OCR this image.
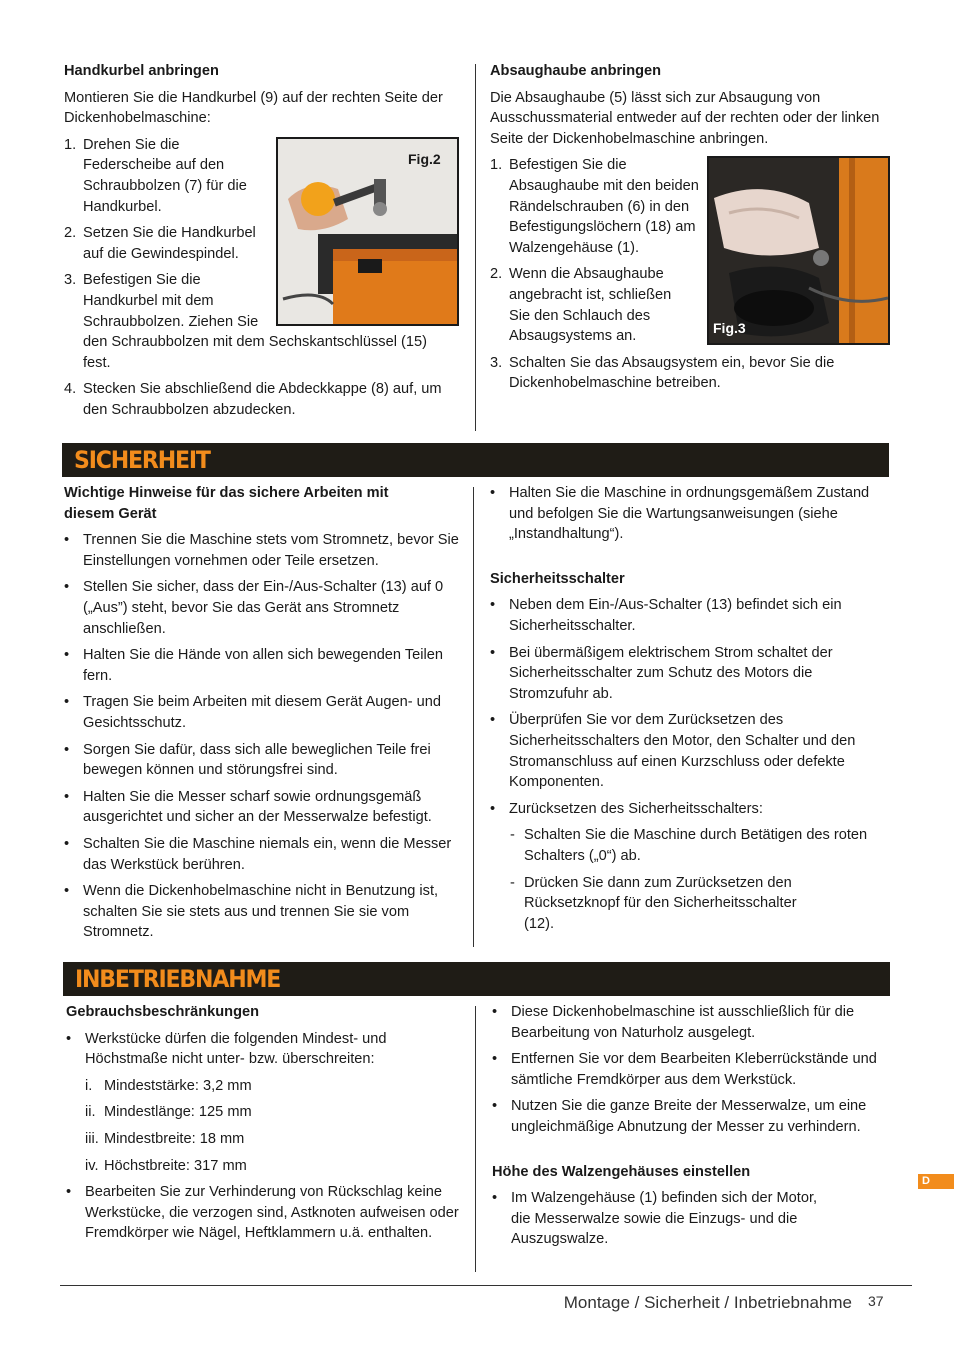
Handkurbel anbringen

Montieren Sie die Handkurbel (9) auf der rechten Seite der Dickenhobelmaschine:

1. Drehen Sie die Federscheibe auf den Schraubbolzen (7) für die Handkurbel.
2. Setzen Sie die Handkurbel auf die Gewindespindel.
3. Befestigen Sie die Handkurbel mit dem Schraubbolzen. Ziehen Sie
den Schraubbolzen mit dem Sechskantschlüssel (15) fest.
4. Stecken Sie abschließend die Abdeckkappe (8) auf, um den Schraubbolzen abzudecken.
Fig.2
Absaughaube anbringen

Die Absaughaube (5) lässt sich zur Absaugung von Ausschussmaterial entweder auf der rechten oder der linken Seite der Dickenhobelmaschine anbringen.

1. Befestigen Sie die Absaughaube mit den beiden Rändelschrauben (6) in den Befestigungslöchern (18) am Walzengehäuse (1).
2. Wenn die Absaughaube angebracht ist, schließen Sie den Schlauch des Absaugsystems an.
3. Schalten Sie das Absaugsystem ein, bevor Sie die Dickenhobelmaschine betreiben.
Fig.3
SICHERHEIT
Wichtige Hinweise für das sichere Arbeiten mit diesem Gerät
• Trennen Sie die Maschine stets vom Stromnetz, bevor Sie Einstellungen vornehmen oder Teile ersetzen.
• Stellen Sie sicher, dass der Ein-/Aus-Schalter (13) auf 0 („Aus”) steht, bevor Sie das Gerät ans Stromnetz anschließen.
• Halten Sie die Hände von allen sich bewegenden Teilen fern.
• Tragen Sie beim Arbeiten mit diesem Gerät Augen- und Gesichtsschutz.
• Sorgen Sie dafür, dass sich alle beweglichen Teile frei bewegen können und störungsfrei sind.
• Halten Sie die Messer scharf sowie ordnungsgemäß ausgerichtet und sicher an der Messerwalze befestigt.
• Schalten Sie die Maschine niemals ein, wenn die Messer das Werkstück berühren.
• Wenn die Dickenhobelmaschine nicht in Benutzung ist, schalten Sie sie stets aus und trennen Sie sie vom Stromnetz.
• Halten Sie die Maschine in ordnungsgemäßem Zustand und befolgen Sie die Wartungsanweisungen (siehe „Instandhaltung“).
Sicherheitsschalter
• Neben dem Ein-/Aus-Schalter (13) befindet sich ein Sicherheitsschalter.
• Bei übermäßigem elektrischem Strom schaltet der Sicherheitsschalter zum Schutz des Motors die Stromzufuhr ab.
• Überprüfen Sie vor dem Zurücksetzen des Sicherheitsschalters den Motor, den Schalter und den Stromanschluss auf einen Kurzschluss oder defekte Komponenten.
• Zurücksetzen des Sicherheitsschalters:
- Schalten Sie die Maschine durch Betätigen des roten Schalters („0“) ab.
- Drücken Sie dann zum Zurücksetzen den Rücksetzknopf für den Sicherheitsschalter (12).
INBETRIEBNAHME
Gebrauchsbeschränkungen
• Werkstücke dürfen die folgenden Mindest- und Höchstmaße nicht unter- bzw. überschreiten:
i. Mindeststärke: 3,2 mm
ii. Mindestlänge: 125 mm
iii. Mindestbreite: 18 mm
iv. Höchstbreite: 317 mm
• Bearbeiten Sie zur Verhinderung von Rückschlag keine Werkstücke, die verzogen sind, Astknoten aufweisen oder Fremdkörper wie Nägel, Heftklammern u.ä. enthalten.
• Diese Dickenhobelmaschine ist ausschließlich für die Bearbeitung von Naturholz ausgelegt.
• Entfernen Sie vor dem Bearbeiten Kleberrückstände und sämtliche Fremdkörper aus dem Werkstück.
• Nutzen Sie die ganze Breite der Messerwalze, um eine ungleichmäßige Abnutzung der Messer zu verhindern.
Höhe des Walzengehäuses einstellen
• Im Walzengehäuse (1) befinden sich der Motor, die Messerwalze sowie die Einzugs- und die Auszugswalze.
D
Montage / Sicherheit / Inbetriebnahme 37
